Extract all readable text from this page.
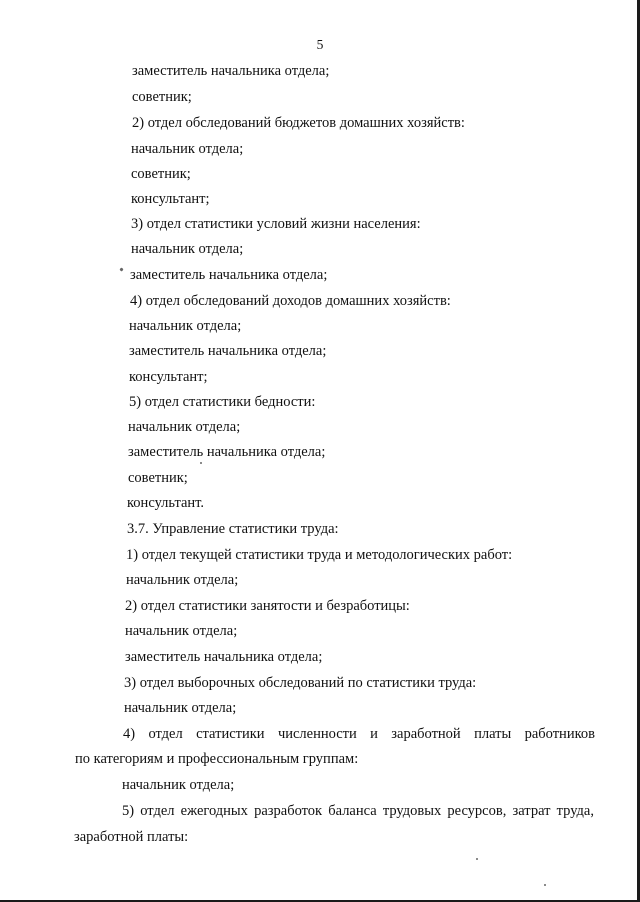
5
заместитель начальника отдела;
советник;
2) отдел обследований бюджетов домашних хозяйств:
начальник отдела;
советник;
консультант;
3) отдел статистики условий жизни населения:
начальник отдела;
заместитель начальника отдела;
4) отдел обследований доходов домашних хозяйств:
начальник отдела;
заместитель начальника отдела;
консультант;
5) отдел статистики бедности:
начальник отдела;
заместитель начальника отдела;
советник;
консультант.
3.7. Управление статистики труда:
1) отдел текущей статистики труда и методологических работ:
начальник отдела;
2) отдел статистики занятости и безработицы:
начальник отдела;
заместитель начальника отдела;
3) отдел выборочных обследований по статистики труда:
начальник отдела;
4) отдел статистики численности и заработной платы работников
по категориям и профессиональным группам:
начальник отдела;
5) отдел ежегодных разработок баланса трудовых ресурсов, затрат труда,
заработной платы:
